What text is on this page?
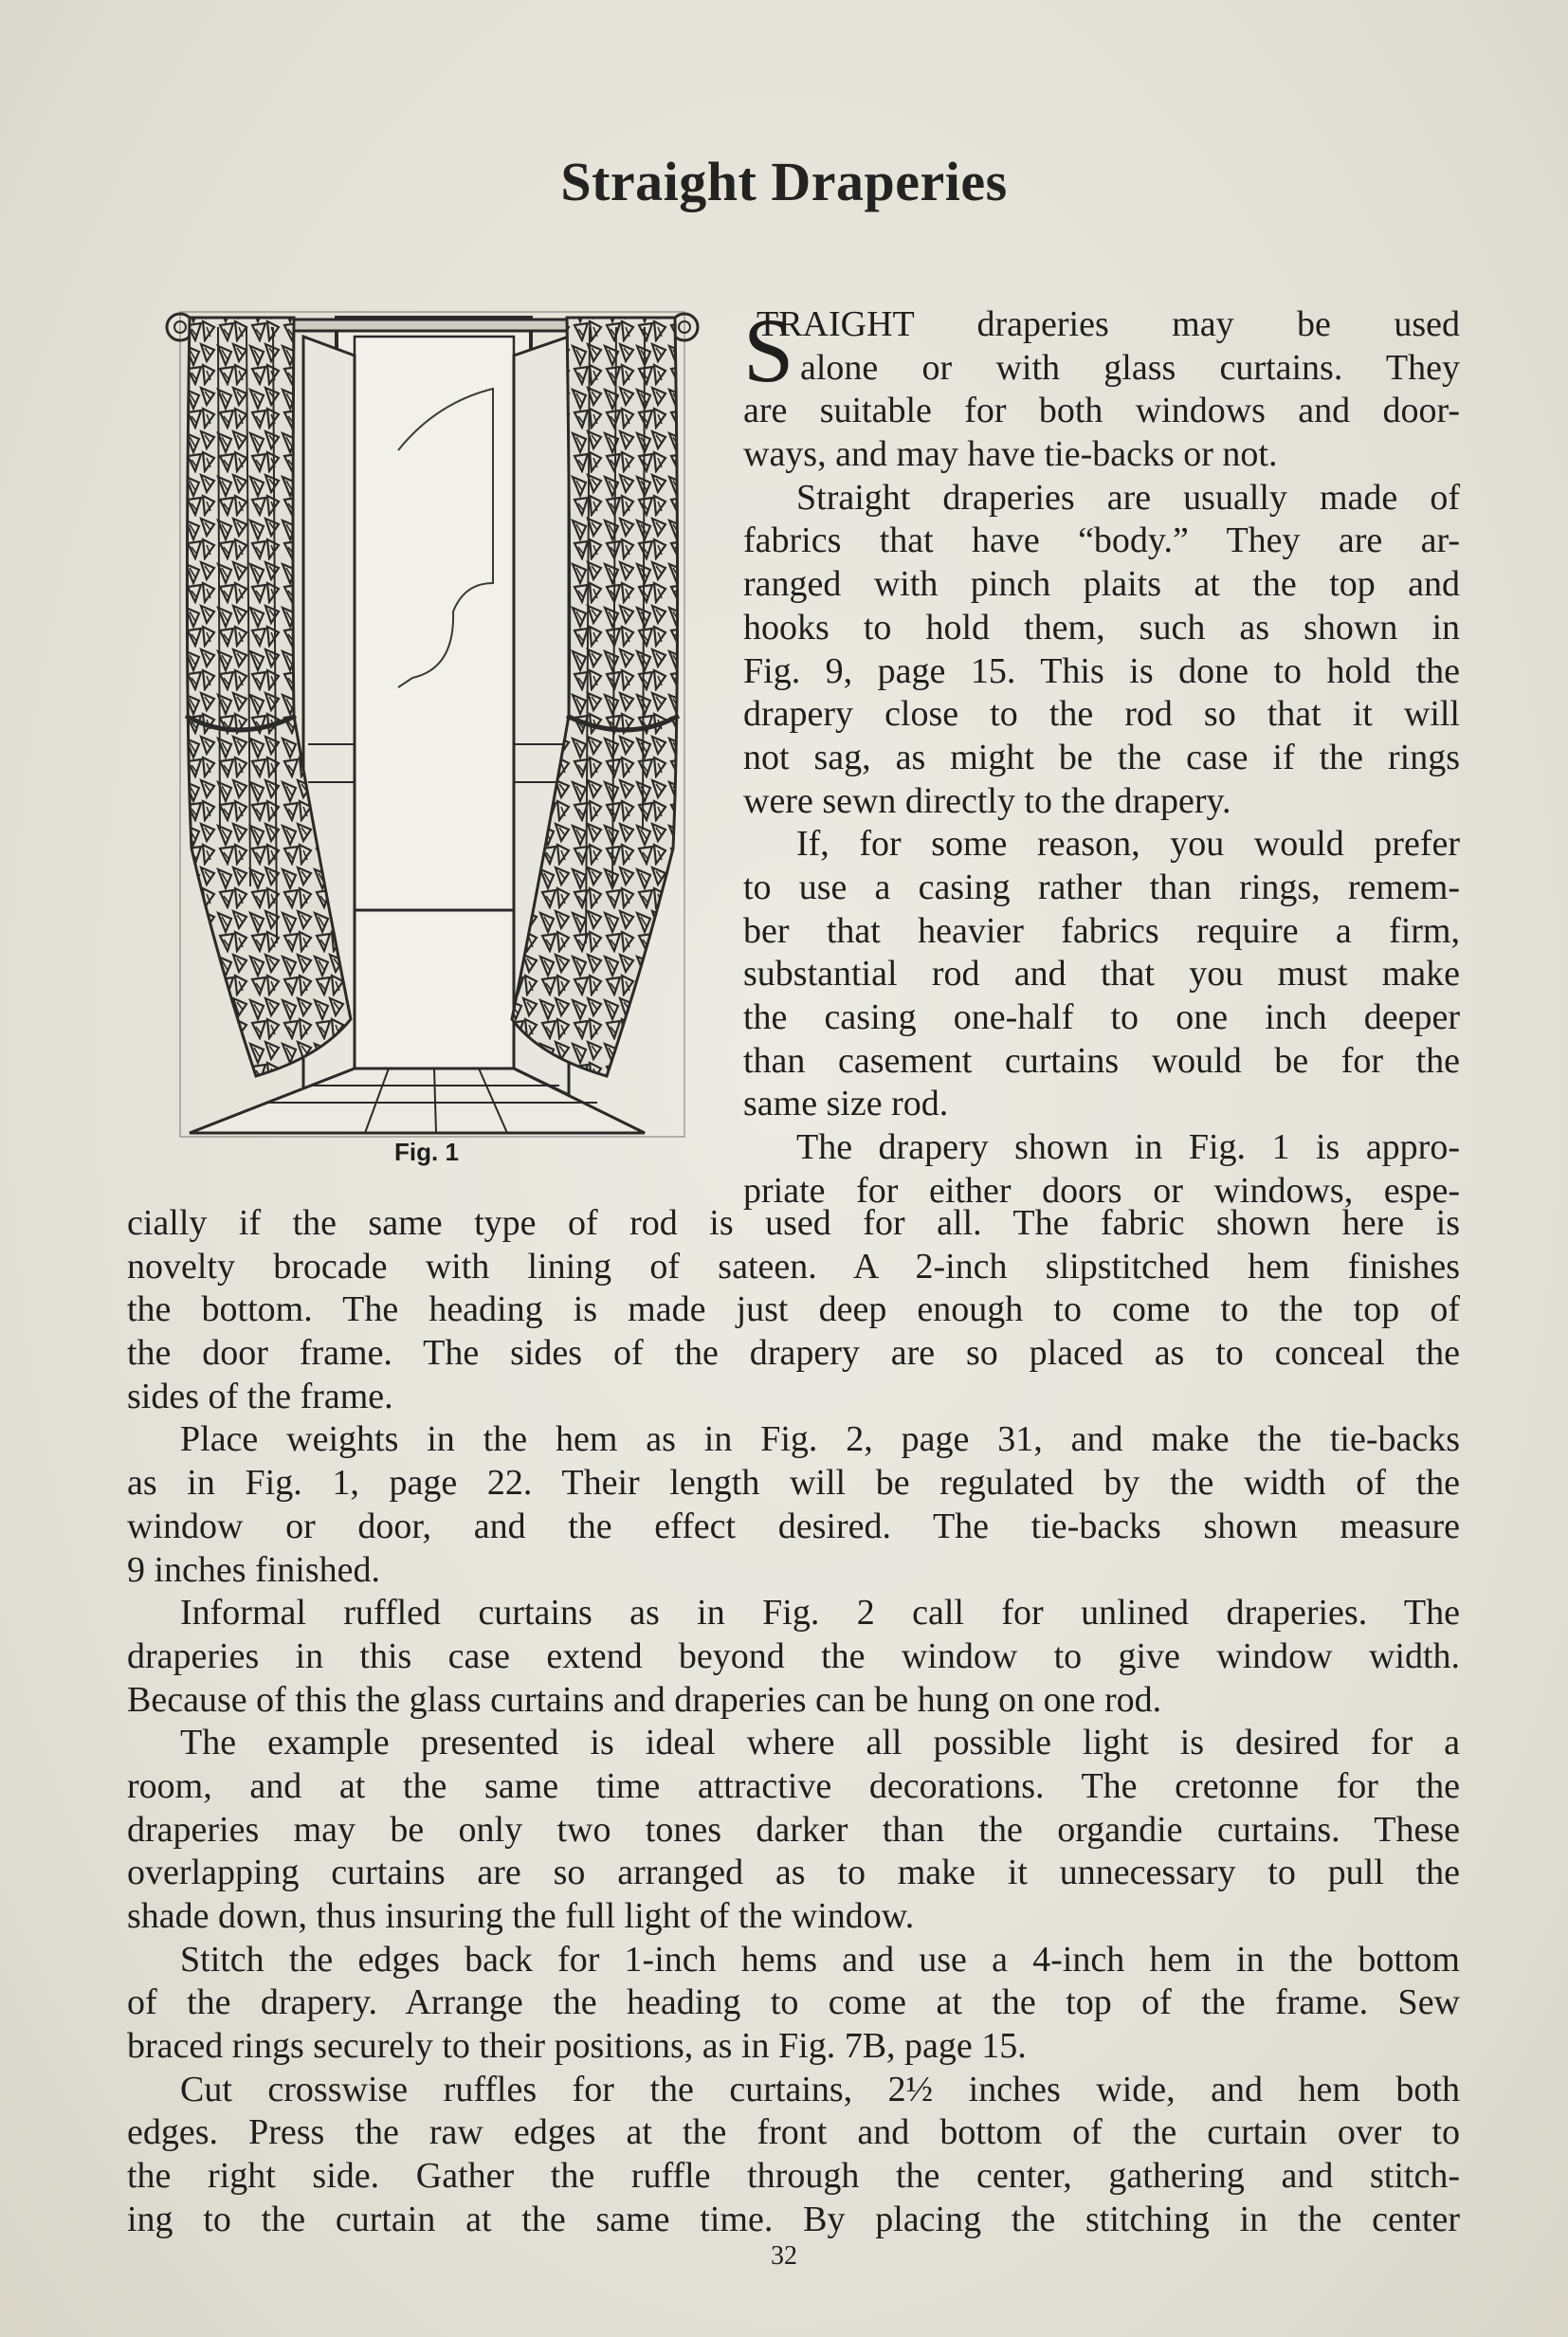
Straight Draperies
Fig. 1
S
TRAIGHT draperies may be used
alone or with glass curtains. They
are suitable for both windows and door-
ways, and may have tie-backs or not.
Straight draperies are usually made of
fabrics that have “body.” They are ar-
ranged with pinch plaits at the top and
hooks to hold them, such as shown in
Fig. 9, page 15. This is done to hold the
drapery close to the rod so that it will
not sag, as might be the case if the rings
were sewn directly to the drapery.
If, for some reason, you would prefer
to use a casing rather than rings, remem-
ber that heavier fabrics require a firm,
substantial rod and that you must make
the casing one-half to one inch deeper
than casement curtains would be for the
same size rod.
The drapery shown in Fig. 1 is appro-
priate for either doors or windows, espe-
cially if the same type of rod is used for all. The fabric shown here is
novelty brocade with lining of sateen. A 2-inch slipstitched hem finishes
the bottom. The heading is made just deep enough to come to the top of
the door frame. The sides of the drapery are so placed as to conceal the
sides of the frame.
Place weights in the hem as in Fig. 2, page 31, and make the tie-backs
as in Fig. 1, page 22. Their length will be regulated by the width of the
window or door, and the effect desired. The tie-backs shown measure
9 inches finished.
Informal ruffled curtains as in Fig. 2 call for unlined draperies. The
draperies in this case extend beyond the window to give window width.
Because of this the glass curtains and draperies can be hung on one rod.
The example presented is ideal where all possible light is desired for a
room, and at the same time attractive decorations. The cretonne for the
draperies may be only two tones darker than the organdie curtains. These
overlapping curtains are so arranged as to make it unnecessary to pull the
shade down, thus insuring the full light of the window.
Stitch the edges back for 1-inch hems and use a 4-inch hem in the bottom
of the drapery. Arrange the heading to come at the top of the frame. Sew
braced rings securely to their positions, as in Fig. 7B, page 15.
Cut crosswise ruffles for the curtains, 2½ inches wide, and hem both
edges. Press the raw edges at the front and bottom of the curtain over to
the right side. Gather the ruffle through the center, gathering and stitch-
ing to the curtain at the same time. By placing the stitching in the center
32
